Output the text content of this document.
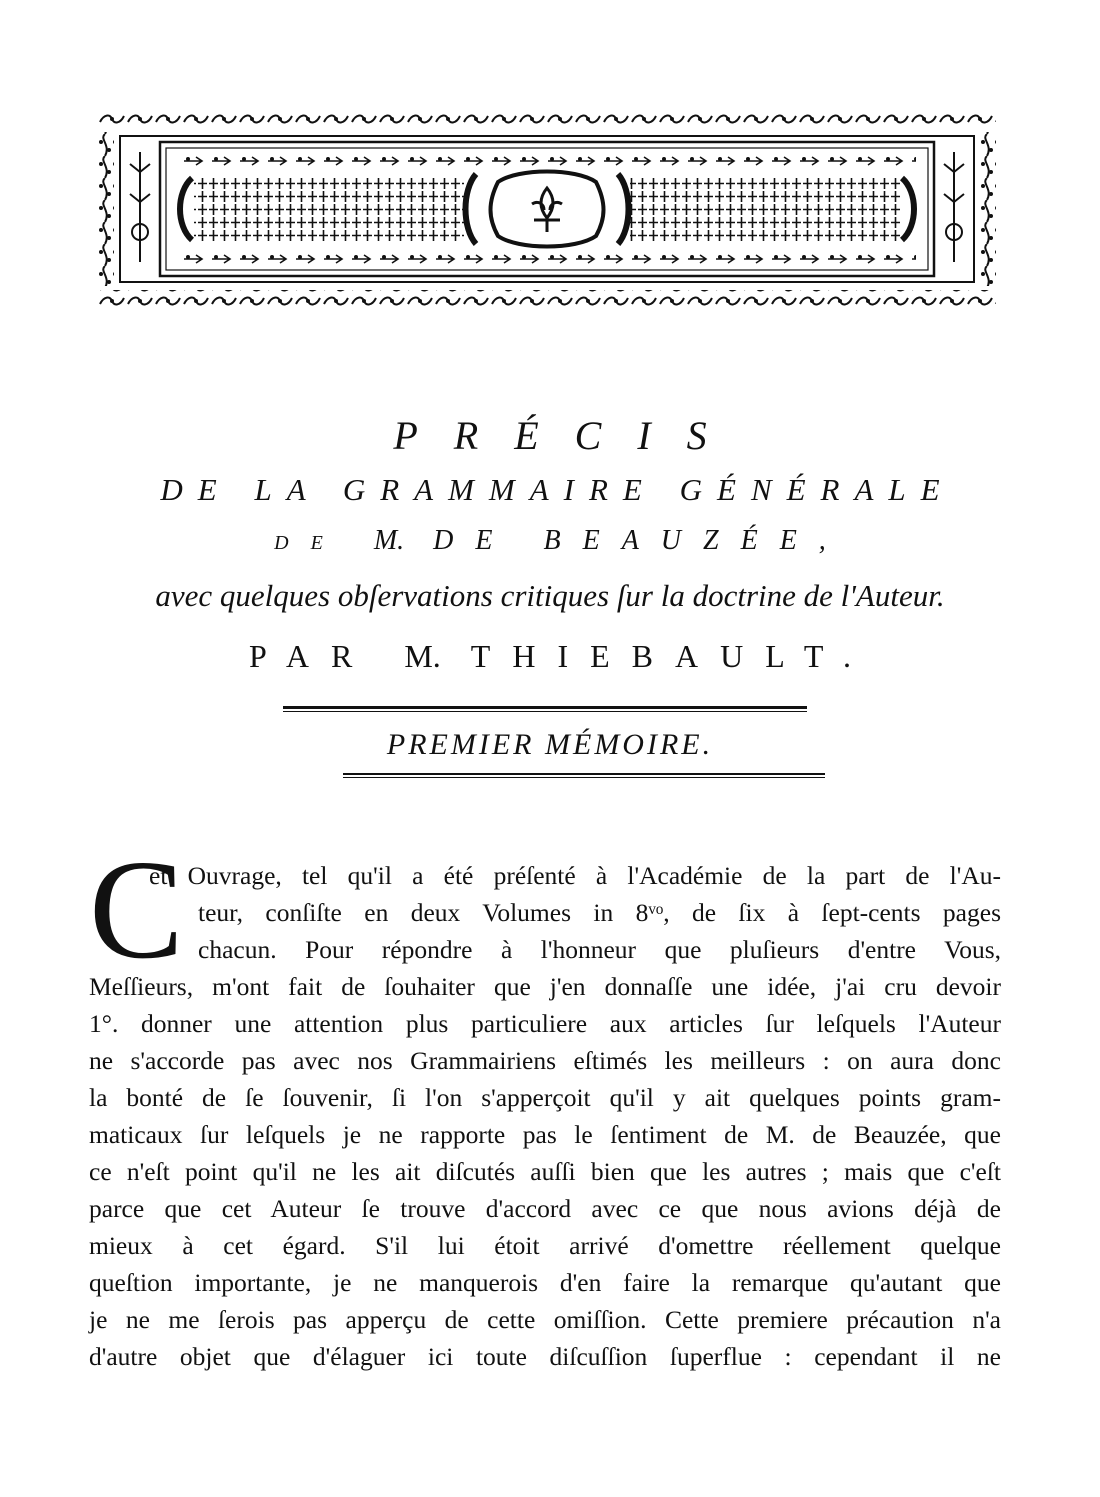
PRÉCIS
DE LA GRAMMAIRE GÉNÉRALE
DE M. DE BEAUZÉE,
avec quelques obſervations critiques ſur la doctrine de l'Auteur.
PAR M. THIEBAULT.
PREMIER MÉMOIRE.
C
et Ouvrage, tel qu'il a été préſenté à l'Académie de la part de l'Au-
teur, conſiſte en deux Volumes in 8ᵛᵒ, de ſix à ſept-cents pages
chacun. Pour répondre à l'honneur que pluſieurs d'entre Vous,
Meſſieurs, m'ont fait de ſouhaiter que j'en donnaſſe une idée, j'ai cru devoir
1°. donner une attention plus particuliere aux articles ſur leſquels l'Auteur
ne s'accorde pas avec nos Grammairiens eſtimés les meilleurs : on aura donc
la bonté de ſe ſouvenir, ſi l'on s'apperçoit qu'il y ait quelques points gram-
maticaux ſur leſquels je ne rapporte pas le ſentiment de M. de Beauzée, que
ce n'eſt point qu'il ne les ait diſcutés auſſi bien que les autres ; mais que c'eſt
parce que cet Auteur ſe trouve d'accord avec ce que nous avions déjà de
mieux à cet égard. S'il lui étoit arrivé d'omettre réellement quelque
queſtion importante, je ne manquerois d'en faire la remarque qu'autant que
je ne me ſerois pas apperçu de cette omiſſion. Cette premiere précaution n'a
d'autre objet que d'élaguer ici toute diſcuſſion ſuperflue : cependant il ne
